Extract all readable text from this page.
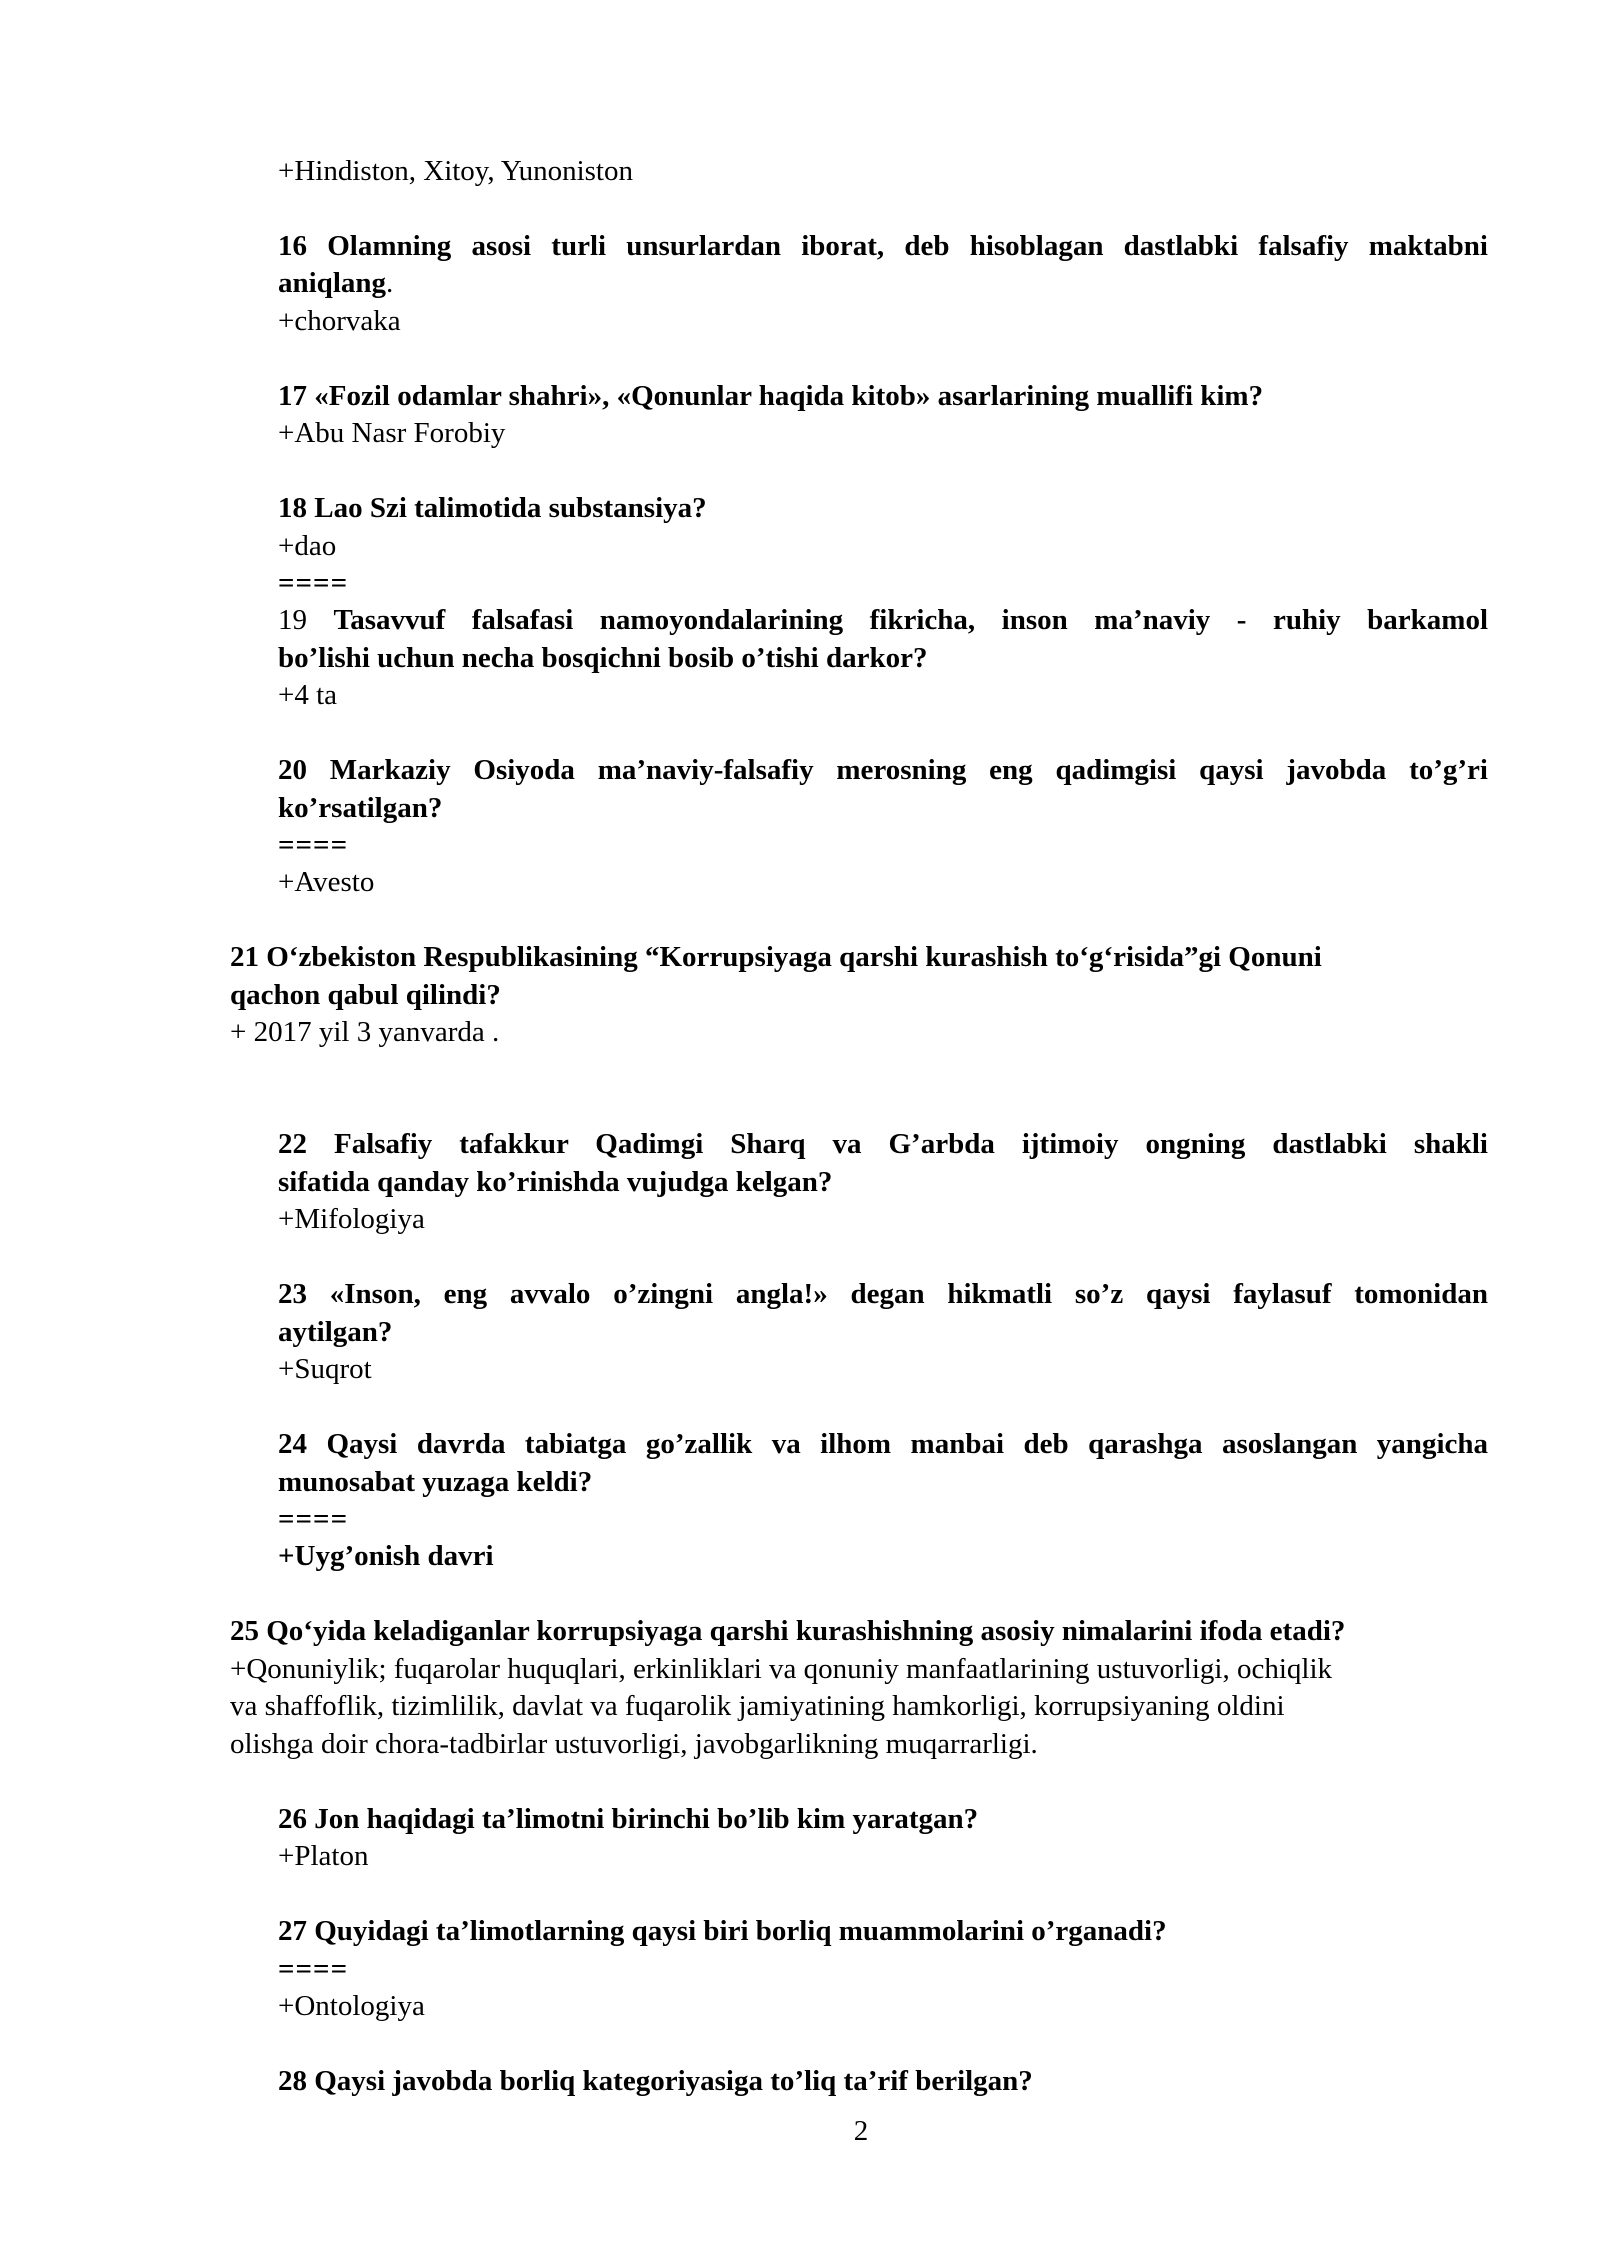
+Hindiston, Xitoy, Yunoniston
16 Olamning asosi turli unsurlardan iborat, deb hisoblagan dastlabki falsafiy maktabni
aniqlang.
+chorvaka
17 «Fozil odamlar shahri», «Qonunlar haqida kitob» asarlarining muallifi kim?
+Abu Nasr Forobiy
18 Lao Szi talimotida substansiya?
+dao
====
19 Tasavvuf falsafasi namoyondalarining fikricha, inson ma’naviy - ruhiy barkamol
bo’lishi uchun necha bosqichni bosib o’tishi darkor?
+4 ta
20 Markaziy Osiyoda ma’naviy-falsafiy merosning eng qadimgisi qaysi javobda to’g’ri
ko’rsatilgan?
====
+Avesto
21 O‘zbekiston Respublikasining “Korrupsiyaga qarshi kurashish to‘g‘risida”gi Qonuni
qachon qabul qilindi?
+ 2017 yil 3 yanvarda .
22 Falsafiy tafakkur Qadimgi Sharq va G’arbda ijtimoiy ongning dastlabki shakli
sifatida qanday ko’rinishda vujudga kelgan?
+Mifologiya
23 «Inson, eng avvalo o’zingni angla!» degan hikmatli so’z qaysi faylasuf tomonidan
aytilgan?
+Suqrot
24 Qaysi davrda tabiatga go’zallik va ilhom manbai deb qarashga asoslangan yangicha
munosabat yuzaga keldi?
====
+Uyg’onish davri
25 Qo‘yida keladiganlar korrupsiyaga qarshi kurashishning asosiy nimalarini ifoda etadi?
+Qonuniylik; fuqarolar huquqlari, erkinliklari va qonuniy manfaatlarining ustuvorligi, ochiqlik
va shaffoflik, tizimlilik, davlat va fuqarolik jamiyatining hamkorligi, korrupsiyaning oldini
olishga doir chora-tadbirlar ustuvorligi, javobgarlikning muqarrarligi.
26 Jon haqidagi ta’limotni birinchi bo’lib kim yaratgan?
+Platon
27 Quyidagi ta’limotlarning qaysi biri borliq muammolarini o’rganadi?
====
+Ontologiya
28 Qaysi javobda borliq kategoriyasiga to’liq ta’rif berilgan?
2
